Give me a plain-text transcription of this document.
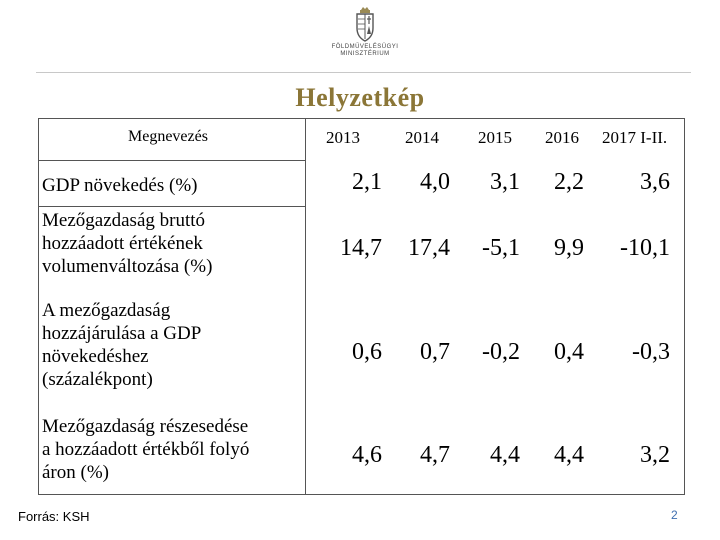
FÖLDMŰVELÉSÜGYI
MINISZTÉRIUM
Helyzetkép
Megnevezés	2013	2014 2015 2016 2017 I-II.
GDP növekedés (%)	2,1	4,0	3,1	2,2	3,6
Mezőgazdaság bruttó
hozzáadott értékének
volumenváltozása (%)
14,7	17,4	-5,1	9,9	-10,1
A mezőgazdaság
hozzájárulása a GDP
növekedéshez
(százalékpont)
0,6	0,7	-0,2	0,4	-0,3
Mezőgazdaság részesedése
a hozzáadott értékből folyó
áron (%)
4,6	4,7	4,4	4,4	3,2
Forrás: KSH	2
